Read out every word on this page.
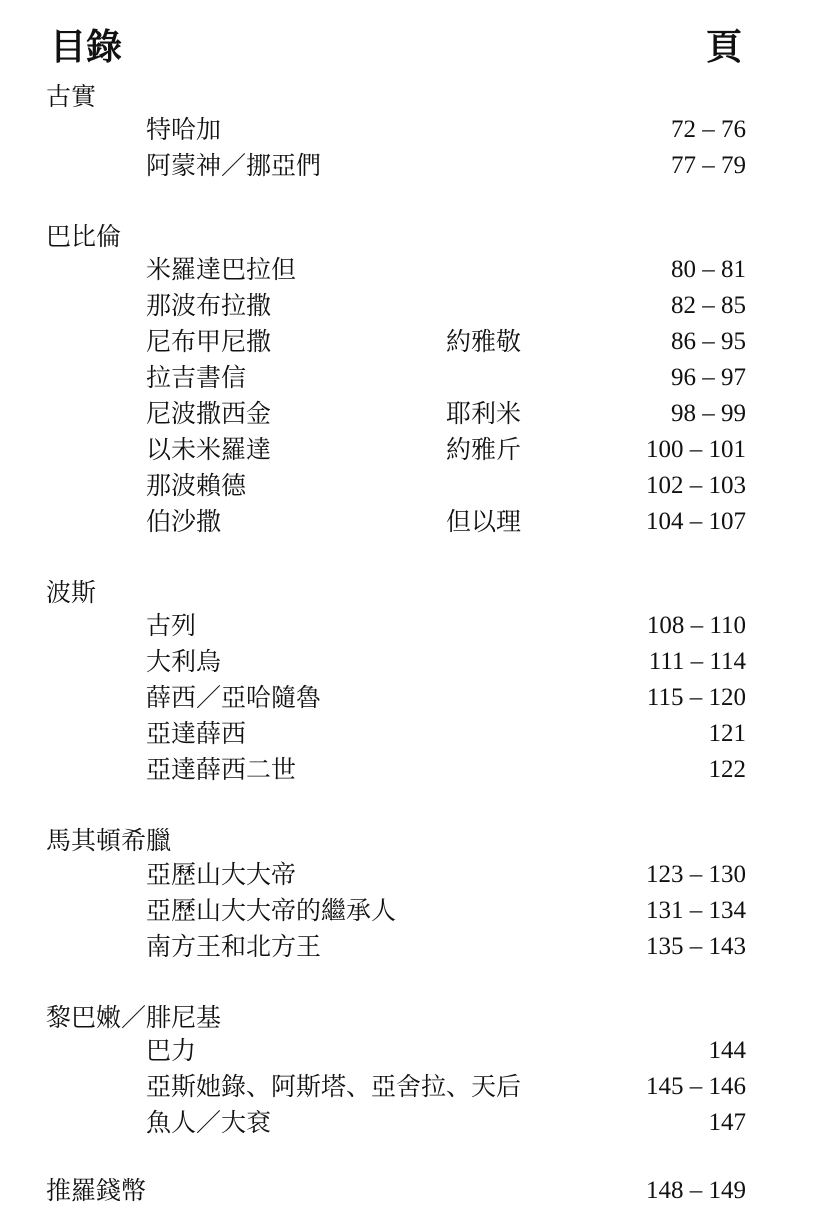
目錄	頁
古實
特哈加	72 – 76
阿蒙神／挪亞們	77 – 79
巴比倫
米羅達巴拉但	80 – 81
那波布拉撒	82 – 85
尼布甲尼撒	約雅敬	86 – 95
拉吉書信	96 – 97
尼波撒西金	耶利米	98 – 99
以未米羅達	約雅斤	100 – 101
那波賴德	102 – 103
伯沙撒	但以理	104 – 107
波斯
古列	108 – 110
大利烏	111 – 114
薛西／亞哈隨魯	115 – 120
亞達薛西	121
亞達薛西二世	122
馬其頓希臘
亞歷山大大帝	123 – 130
亞歷山大大帝的繼承人	131 – 134
南方王和北方王	135 – 143
黎巴嫩／腓尼基
巴力	144
亞斯她錄、阿斯塔、亞舍拉、天后	145 – 146
魚人／大袞	147
推羅錢幣	148 – 149
